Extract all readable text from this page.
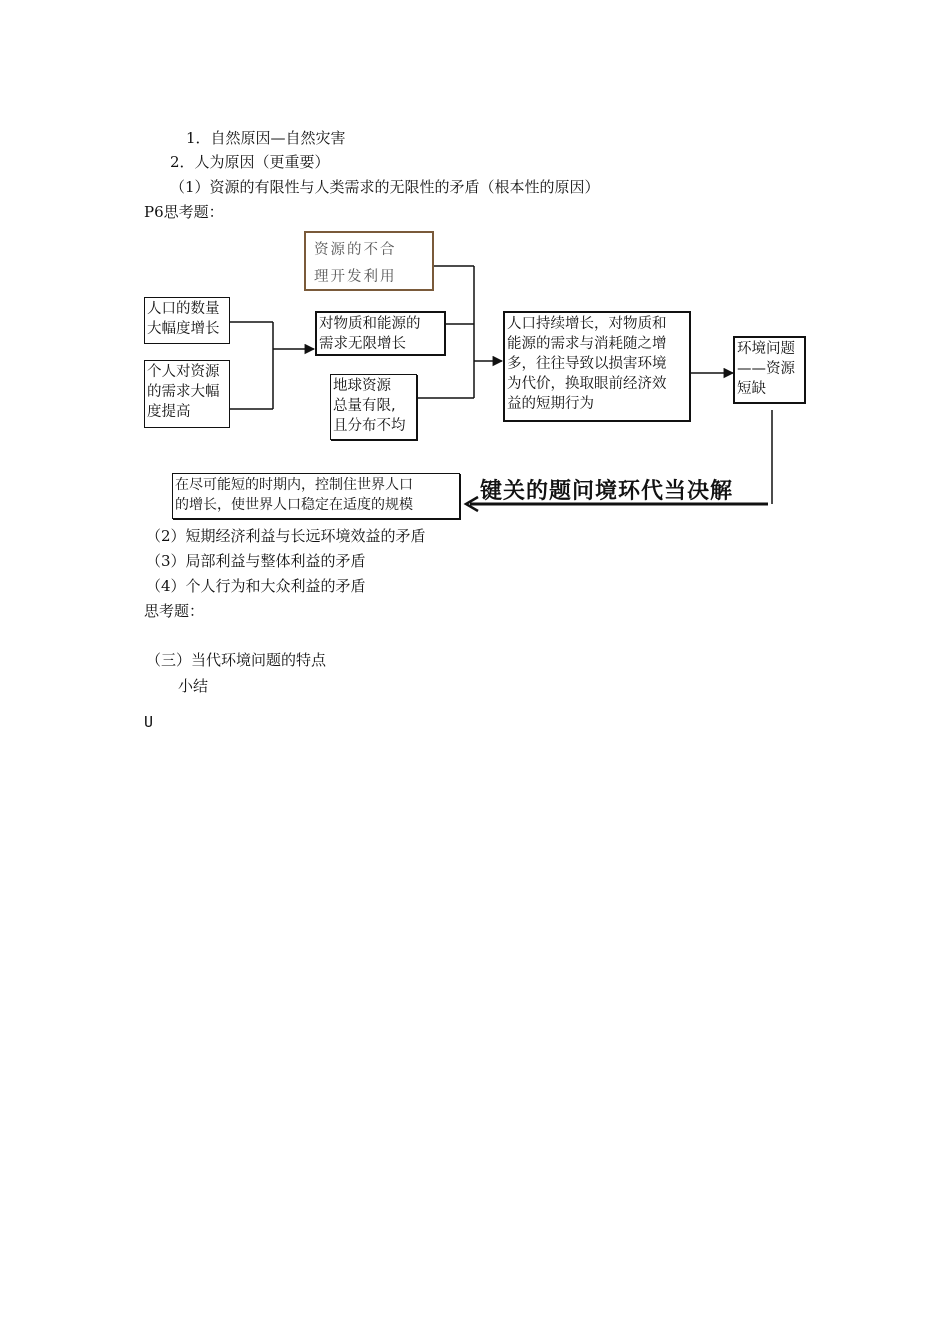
1．自然原因—自然灾害
2．人为原因（更重要）
（1）资源的有限性与人类需求的无限性的矛盾（根本性的原因）
P6思考题：
资源的不合
理开发利用
人口的数量
大幅度增长
个人对资源
的需求大幅
度提高
对物质和能源的
需求无限增长
地球资源
总量有限,
且分布不均
人口持续增长，对物质和
能源的需求与消耗随之增
多，往往导致以损害环境
为代价，换取眼前经济效
益的短期行为
环境问题
——资源
短缺
在尽可能短的时期内，控制住世界人口
的增长，使世界人口稳定在适度的规模
键关的题问境环代当决解
（2）短期经济利益与长远环境效益的矛盾
（3）局部利益与整体利益的矛盾
（4）个人行为和大众利益的矛盾
思考题：
（三）当代环境问题的特点
小结
U
